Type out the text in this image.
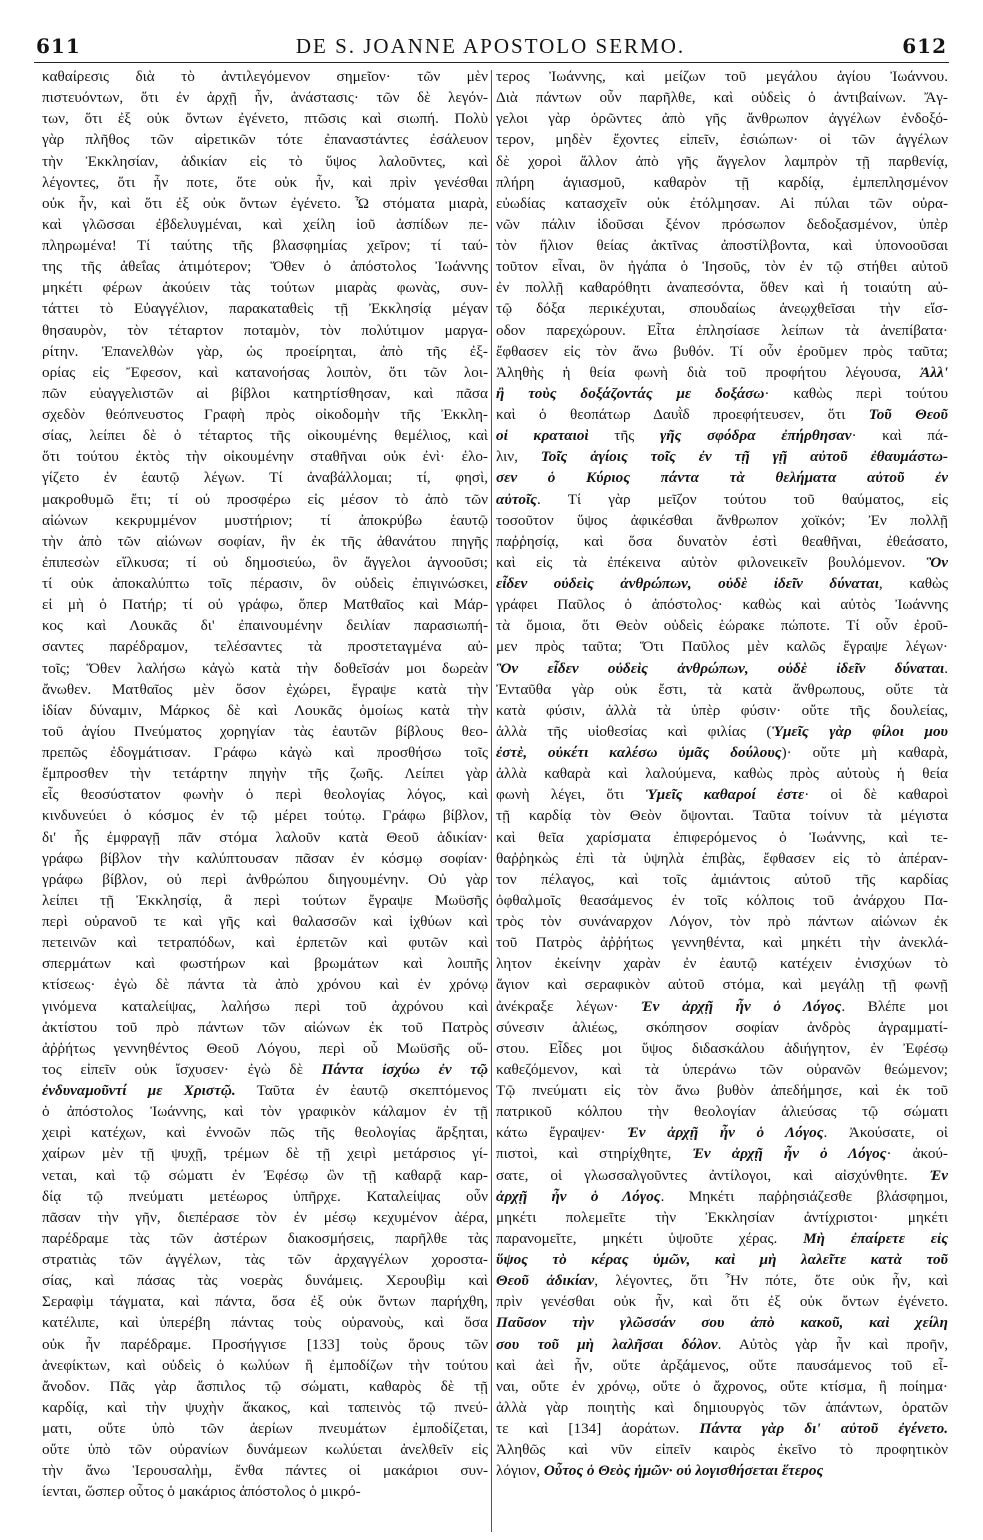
611	DE S. JOANNE APOSTOLO SERMO.	612
καθαίρεσις διὰ τὸ ἀντιλεγόμενον σημεῖον· τῶν μὲν
πιστευόντων, ὅτι ἐν ἀρχῇ ἦν, ἀνάστασις· τῶν δὲ λεγόν-
των, ὅτι ἐξ οὐκ ὄντων ἐγένετο, πτῶσις καὶ σιωπή. Πολὺ
γὰρ πλῆθος τῶν αἱρετικῶν τότε ἐπαναστάντες ἐσάλευον
τὴν Ἐκκλησίαν, ἀδικίαν εἰς τὸ ὕψος λαλοῦντες, καὶ
λέγοντες, ὅτι ἦν ποτε, ὅτε οὐκ ἦν, καὶ πρὶν γενέσθαι
οὐκ ἦν, καὶ ὅτι ἐξ οὐκ ὄντων ἐγένετο. Ὦ στόματα μιαρὰ,
καὶ γλῶσσαι ἐβδελυγμέναι, καὶ χείλη ἰοῦ ἀσπίδων πε-
πληρωμένα! Τί ταύτης τῆς βλασφημίας χεῖρον; τί ταύ-
της τῆς ἀθεΐας ἀτιμότερον; Ὅθεν ὁ ἀπόστολος Ἰωάννης
μηκέτι φέρων ἀκούειν τὰς τούτων μιαρὰς φωνὰς, συν-
τάττει τὸ Εὐαγγέλιον, παρακαταθεὶς τῇ Ἐκκλησίᾳ μέγαν
θησαυρὸν, τὸν τέταρτον ποταμὸν, τὸν πολύτιμον μαργα-
ρίτην. Ἐπανελθὼν γὰρ, ὡς προείρηται, ἀπὸ τῆς ἐξ-
ορίας εἰς Ἔφεσον, καὶ κατανοήσας λοιπὸν, ὅτι τῶν λοι-
πῶν εὐαγγελιστῶν αἱ βίβλοι κατηρτίσθησαν, καὶ πᾶσα
σχεδὸν θεόπνευστος Γραφὴ πρὸς οἰκοδομὴν τῆς Ἐκκλη-
σίας, λείπει δὲ ὁ τέταρτος τῆς οἰκουμένης θεμέλιος, καὶ
ὅτι τούτου ἐκτὸς τὴν οἰκουμένην σταθῆναι οὐκ ἐνὶ· ἐλο-
γίζετο ἐν ἑαυτῷ λέγων. Τί ἀναβάλλομαι; τί, φησὶ,
μακροθυμῶ ἔτι; τί οὐ προσφέρω εἰς μέσον τὸ ἀπὸ τῶν
αἰώνων κεκρυμμένον μυστήριον; τί ἀποκρύβω ἑαυτῷ
τὴν ἀπὸ τῶν αἰώνων σοφίαν, ἣν ἐκ τῆς ἀθανάτου πηγῆς
ἐπιπεσὼν εἵλκυσα; τί οὐ δημοσιεύω, ὃν ἄγγελοι ἀγνοοῦσι;
τί οὐκ ἀποκαλύπτω τοῖς πέρασιν, ὃν οὐδεὶς ἐπιγινώσκει,
εἰ μὴ ὁ Πατήρ; τί οὐ γράφω, ὅπερ Ματθαῖος καὶ Μάρ-
κος καὶ Λουκᾶς δι' ἐπαινουμένην δειλίαν παρασιωπή-
σαντες παρέδραμον, τελέσαντες τὰ προστεταγμένα αὐ-
τοῖς; Ὅθεν λαλήσω κἀγὼ κατὰ τὴν δοθεῖσάν μοι δωρεὰν
ἄνωθεν. Ματθαῖος μὲν ὅσον ἐχώρει, ἔγραψε κατὰ τὴν
ἰδίαν δύναμιν, Μάρκος δὲ καὶ Λουκᾶς ὁμοίως κατὰ τὴν
τοῦ ἁγίου Πνεύματος χορηγίαν τὰς ἑαυτῶν βίβλους θεο-
πρεπῶς ἐδογμάτισαν. Γράφω κἀγὼ καὶ προσθήσω τοῖς
ἔμπροσθεν τὴν τετάρτην πηγὴν τῆς ζωῆς. Λείπει γὰρ
εἷς θεοσύστατον φωνὴν ὁ περὶ θεολογίας λόγος, καὶ
κινδυνεύει ὁ κόσμος ἐν τῷ μέρει τούτῳ. Γράφω βίβλον,
δι' ἧς ἐμφραγῇ πᾶν στόμα λαλοῦν κατὰ Θεοῦ ἀδικίαν·
γράφω βίβλον τὴν καλύπτουσαν πᾶσαν ἐν κόσμῳ σοφίαν·
γράφω βίβλον, οὐ περὶ ἀνθρώπου διηγουμένην. Οὐ γὰρ
λείπει τῇ Ἐκκλησίᾳ, ἃ περὶ τούτων ἔγραψε Μωϋσῆς
περὶ οὐρανοῦ τε καὶ γῆς καὶ θαλασσῶν καὶ ἰχθύων καὶ
πετεινῶν καὶ τετραπόδων, καὶ ἑρπετῶν καὶ φυτῶν καὶ
σπερμάτων καὶ φωστήρων καὶ βρωμάτων καὶ λοιπῆς
κτίσεως· ἐγὼ δὲ πάντα τὰ ἀπὸ χρόνου καὶ ἐν χρόνῳ
γινόμενα καταλείψας, λαλήσω περὶ τοῦ ἀχρόνου καὶ
ἀκτίστου τοῦ πρὸ πάντων τῶν αἰώνων ἐκ τοῦ Πατρὸς
ἀῤῥήτως γεννηθέντος Θεοῦ Λόγου, περὶ οὗ Μωϋσῆς οὕ-
τος εἰπεῖν οὐκ ἴσχυσεν· ἐγὼ δὲ Πάντα ἰσχύω ἐν τῷ
ἐνδυναμοῦντί με Χριστῷ. Ταῦτα ἐν ἑαυτῷ σκεπτόμενος
ὁ ἀπόστολος Ἰωάννης, καὶ τὸν γραφικὸν κάλαμον ἐν τῇ
χειρὶ κατέχων, καὶ ἐννοῶν πῶς τῆς θεολογίας ἄρξηται,
χαίρων μὲν τῇ ψυχῇ, τρέμων δὲ τῇ χειρὶ μετάρσιος γί-
νεται, καὶ τῷ σώματι ἐν Ἐφέσῳ ὢν τῇ καθαρᾷ καρ-
δίᾳ τῷ πνεύματι μετέωρος ὑπῆρχε. Καταλείψας οὖν
πᾶσαν τὴν γῆν, διεπέρασε τὸν ἐν μέσῳ κεχυμένον ἀέρα,
παρέδραμε τὰς τῶν ἀστέρων διακοσμήσεις, παρῆλθε τὰς
στρατιὰς τῶν ἀγγέλων, τὰς τῶν ἀρχαγγέλων χοροστα-
σίας, καὶ πάσας τὰς νοερὰς δυνάμεις. Χερουβὶμ καὶ
Σεραφὶμ τάγματα, καὶ πάντα, ὅσα ἐξ οὐκ ὄντων παρήχθη,
κατέλιπε, καὶ ὑπερέβη πάντας τοὺς οὐρανοὺς, καὶ ὅσα
οὐκ ἦν παρέδραμε. Προσήγγισε [133] τοὺς ὅρους τῶν
ἀνεφίκτων, καὶ οὐδεὶς ὁ κωλύων ἢ ἐμποδίζων τὴν τούτου
ἄνοδον. Πᾶς γὰρ ἄσπιλος τῷ σώματι, καθαρὸς δὲ τῇ
καρδίᾳ, καὶ τὴν ψυχὴν ἄκακος, καὶ ταπεινὸς τῷ πνεύ-
ματι, οὔτε ὑπὸ τῶν ἀερίων πνευμάτων ἐμποδίζεται,
οὔτε ὑπὸ τῶν οὐρανίων δυνάμεων κωλύεται ἀνελθεῖν εἰς
τὴν ἄνω Ἱερουσαλὴμ, ἔνθα πάντες οἱ μακάριοι συν-
ίενται, ὥσπερ οὗτος ὁ μακάριος ἀπόστολος ὁ μικρό-
τερος Ἰωάννης, καὶ μείζων τοῦ μεγάλου ἁγίου Ἰωάννου.
Διὰ πάντων οὖν παρῆλθε, καὶ οὐδεὶς ὁ ἀντιβαίνων. Ἄγ-
γελοι γὰρ ὁρῶντες ἀπὸ γῆς ἄνθρωπον ἀγγέλων ἐνδοξό-
τερον, μηδὲν ἔχοντες εἰπεῖν, ἐσιώπων· οἱ τῶν ἀγγέλων
δὲ χοροὶ ἄλλον ἀπὸ γῆς ἄγγελον λαμπρὸν τῇ παρθενίᾳ,
πλήρη ἁγιασμοῦ, καθαρὸν τῇ καρδίᾳ, ἐμπεπλησμένον
εὐωδίας κατασχεῖν οὐκ ἐτόλμησαν. Αἱ πύλαι τῶν οὐρα-
νῶν πάλιν ἰδοῦσαι ξένον πρόσωπον δεδοξασμένον, ὑπὲρ
τὸν ἥλιον θείας ἀκτῖνας ἀποστίλβοντα, καὶ ὑπονοοῦσαι
τοῦτον εἶναι, ὃν ἠγάπα ὁ Ἰησοῦς, τὸν ἐν τῷ στήθει αὐτοῦ
ἐν πολλῇ καθαρόθητι ἀναπεσόντα, ὅθεν καὶ ἡ τοιαύτη αὐ-
τῷ δόξα περικέχυται, σπουδαίως ἀνεῳχθεῖσαι τὴν εἴσ-
οδον παρεχώρουν. Εἶτα ἐπλησίασε λείπων τὰ ἀνεπίβατα·
ἔφθασεν εἰς τὸν ἄνω βυθόν. Τί οὖν ἐροῦμεν πρὸς ταῦτα;
Ἀληθὴς ἡ θεία φωνὴ διὰ τοῦ προφήτου λέγουσα, Ἀλλ'
ἢ τοὺς δοξάζοντάς με δοξάσω· καθὼς περὶ τούτου
καὶ ὁ θεοπάτωρ Δαυῒδ προεφήτευσεν, ὅτι Τοῦ Θεοῦ
οἱ κραταιοὶ τῆς γῆς σφόδρα ἐπήρθησαν· καὶ πά-
λιν, Τοῖς ἁγίοις τοῖς ἐν τῇ γῇ αὐτοῦ ἐθαυμάστω-
σεν ὁ Κύριος πάντα τὰ θελήματα αὐτοῦ ἐν
αὐτοῖς. Τί γὰρ μεῖζον τούτου τοῦ θαύματος, εἰς
τοσοῦτον ὕψος ἀφικέσθαι ἄνθρωπον χοϊκόν; Ἐν πολλῇ
παῤῥησίᾳ, καὶ ὅσα δυνατὸν ἐστὶ θεαθῆναι, ἐθεάσατο,
καὶ εἰς τὰ ἐπέκεινα αὐτὸν φιλονεικεῖν βουλόμενον. Ὃν
εἶδεν οὐδεὶς ἀνθρώπων, οὐδὲ ἰδεῖν δύναται, καθὼς
γράφει Παῦλος ὁ ἀπόστολος· καθὼς καὶ αὐτὸς Ἰωάννης
τὰ ὅμοια, ὅτι Θεὸν οὐδεὶς ἑώρακε πώποτε. Τί οὖν ἐροῦ-
μεν πρὸς ταῦτα; Ὅτι Παῦλος μὲν καλῶς ἔγραψε λέγων·
Ὃν εἶδεν οὐδεὶς ἀνθρώπων, οὐδὲ ἰδεῖν δύναται.
Ἐνταῦθα γὰρ οὐκ ἔστι, τὰ κατὰ ἄνθρωπους, οὔτε τὰ
κατὰ φύσιν, ἀλλὰ τὰ ὑπὲρ φύσιν· οὔτε τῆς δουλείας,
ἀλλὰ τῆς υἱοθεσίας καὶ φιλίας (Ὑμεῖς γὰρ φίλοι μου
ἐστὲ, οὐκέτι καλέσω ὑμᾶς δούλους)· οὔτε μὴ καθαρὰ,
ἀλλὰ καθαρὰ καὶ λαλούμενα, καθὼς πρὸς αὐτοὺς ἡ θεία
φωνὴ λέγει, ὅτι Ὑμεῖς καθαροί ἐστε· οἱ δὲ καθαροὶ
τῇ καρδίᾳ τὸν Θεὸν ὄψονται. Ταῦτα τοίνυν τὰ μέγιστα
καὶ θεῖα χαρίσματα ἐπιφερόμενος ὁ Ἰωάννης, καὶ τε-
θαῤῥηκὼς ἐπὶ τὰ ὑψηλὰ ἐπιβὰς, ἔφθασεν εἰς τὸ ἀπέραν-
τον πέλαγος, καὶ τοῖς ἀμιάντοις αὐτοῦ τῆς καρδίας
ὀφθαλμοῖς θεασάμενος ἐν τοῖς κόλποις τοῦ ἀνάρχου Πα-
τρὸς τὸν συνάναρχον Λόγον, τὸν πρὸ πάντων αἰώνων ἐκ
τοῦ Πατρὸς ἀῤῥήτως γεννηθέντα, καὶ μηκέτι τὴν ἀνεκλά-
λητον ἐκείνην χαρὰν ἐν ἑαυτῷ κατέχειν ἐνισχύων τὸ
ἅγιον καὶ σεραφικὸν αὐτοῦ στόμα, καὶ μεγάλῃ τῇ φωνῇ
ἀνέκραξε λέγων· Ἐν ἀρχῇ ἦν ὁ Λόγος. Βλέπε μοι
σύνεσιν ἁλιέως, σκόπησον σοφίαν ἀνδρὸς ἀγραμματί-
στου. Εἶδες μοι ὕψος διδασκάλου ἀδιήγητον, ἐν Ἐφέσῳ
καθεζόμενον, καὶ τὰ ὑπεράνω τῶν οὐρανῶν θεώμενον;
Τῷ πνεύματι εἰς τὸν ἄνω βυθὸν ἀπεδήμησε, καὶ ἐκ τοῦ
πατρικοῦ κόλπου τὴν θεολογίαν ἁλιεύσας τῷ σώματι
κάτω ἔγραψεν· Ἐν ἀρχῇ ἦν ὁ Λόγος. Ἀκούσατε, οἱ
πιστοὶ, καὶ στηρίχθητε, Ἐν ἀρχῇ ἦν ὁ Λόγος· ἀκού-
σατε, οἱ γλωσσαλγοῦντες ἀντίλογοι, καὶ αἰσχύνθητε. Ἐν
ἀρχῇ ἦν ὁ Λόγος. Μηκέτι παῤῥησιάζεσθε βλάσφημοι,
μηκέτι πολεμεῖτε τὴν Ἐκκλησίαν ἀντίχριστοι· μηκέτι
παρανομεῖτε, μηκέτι ὑψοῦτε χέρας. Μὴ ἐπαίρετε εἰς
ὕψος τὸ κέρας ὑμῶν, καὶ μὴ λαλεῖτε κατὰ τοῦ
Θεοῦ ἀδικίαν, λέγοντες, ὅτι Ἦν πότε, ὅτε οὐκ ἦν, καὶ
πρὶν γενέσθαι οὐκ ἦν, καὶ ὅτι ἐξ οὐκ ὄντων ἐγένετο.
Παῦσον τὴν γλῶσσάν σου ἀπὸ κακοῦ, καὶ χείλη
σου τοῦ μὴ λαλῆσαι δόλον. Αὐτὸς γὰρ ἦν καὶ προῆν,
καὶ ἀεὶ ἦν, οὔτε ἀρξάμενος, οὔτε παυσάμενος τοῦ εἶ-
ναι, οὔτε ἐν χρόνῳ, οὔτε ὁ ἄχρονος, οὔτε κτίσμα, ἢ ποίημα·
ἀλλὰ γὰρ ποιητὴς καὶ δημιουργὸς τῶν ἁπάντων, ὁρατῶν
τε καὶ [134] ἀοράτων. Πάντα γὰρ δι' αὐτοῦ ἐγένετο.
Ἀληθῶς καὶ νῦν εἰπεῖν καιρὸς ἐκεῖνο τὸ προφητικὸν
λόγιον, Οὗτος ὁ Θεὸς ἡμῶν· οὐ λογισθήσεται ἕτερος
